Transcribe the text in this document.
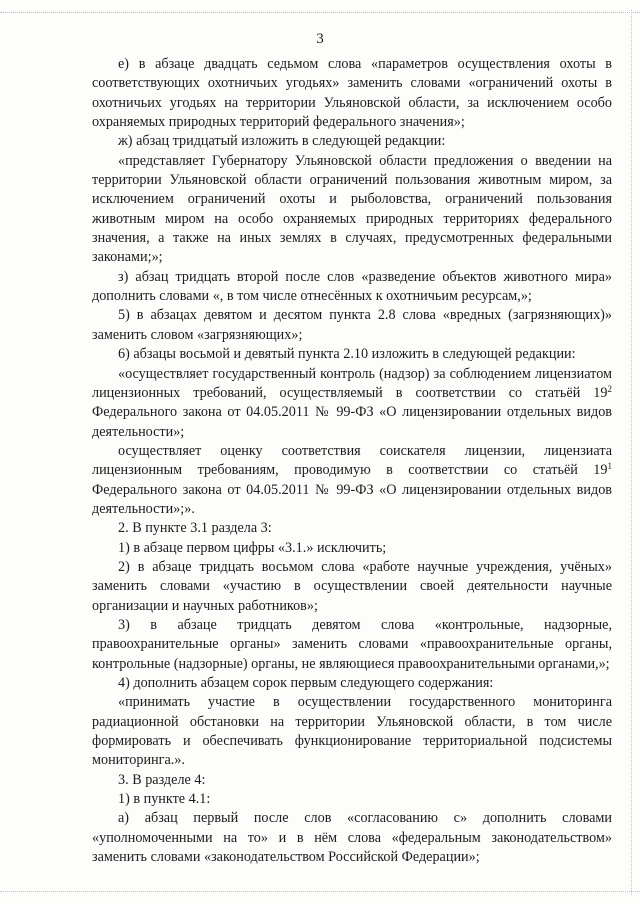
3

е) в абзаце двадцать седьмом слова «параметров осуществления охоты в соответствующих охотничьих угодьях» заменить словами «ограничений охоты в охотничьих угодьях на территории Ульяновской области, за исключением особо охраняемых природных территорий федерального значения»;

ж) абзац тридцатый изложить в следующей редакции:

«представляет Губернатору Ульяновской области предложения о введении на территории Ульяновской области ограничений пользования животным миром, за исключением ограничений охоты и рыболовства, ограничений пользования животным миром на особо охраняемых природных территориях федерального значения, а также на иных землях в случаях, предусмотренных федеральными законами;»;

з) абзац тридцать второй после слов «разведение объектов животного мира» дополнить словами «, в том числе отнесённых к охотничьим ресурсам,»;

5) в абзацах девятом и десятом пункта 2.8 слова «вредных (загрязняющих)» заменить словом «загрязняющих»;

6) абзацы восьмой и девятый пункта 2.10 изложить в следующей редакции:

«осуществляет государственный контроль (надзор) за соблюдением лицензиатом лицензионных требований, осуществляемый в соответствии со статьёй $19^2$ Федерального закона от 04.05.2011 № 99-ФЗ «О лицензировании отдельных видов деятельности»;

осуществляет оценку соответствия соискателя лицензии, лицензиата лицензионным требованиям, проводимую в соответствии со статьёй $19^1$ Федерального закона от 04.05.2011 № 99-ФЗ «О лицензировании отдельных видов деятельности»;».

2. В пункте 3.1 раздела 3:

1) в абзаце первом цифры «3.1.» исключить;

2) в абзаце тридцать восьмом слова «работе научные учреждения, учёных» заменить словами «участию в осуществлении своей деятельности научные организации и научных работников»;

3) в абзаце тридцать девятом слова «контрольные, надзорные, правоохранительные органы» заменить словами «правоохранительные органы, контрольные (надзорные) органы, не являющиеся правоохранительными органами,»;

4) дополнить абзацем сорок первым следующего содержания:

«принимать участие в осуществлении государственного мониторинга радиационной обстановки на территории Ульяновской области, в том числе формировать и обеспечивать функционирование территориальной подсистемы мониторинга.».

3. В разделе 4:

1) в пункте 4.1:

а) абзац первый после слов «согласованию с» дополнить словами «уполномоченными на то» и в нём слова «федеральным законодательством» заменить словами «законодательством Российской Федерации»;
